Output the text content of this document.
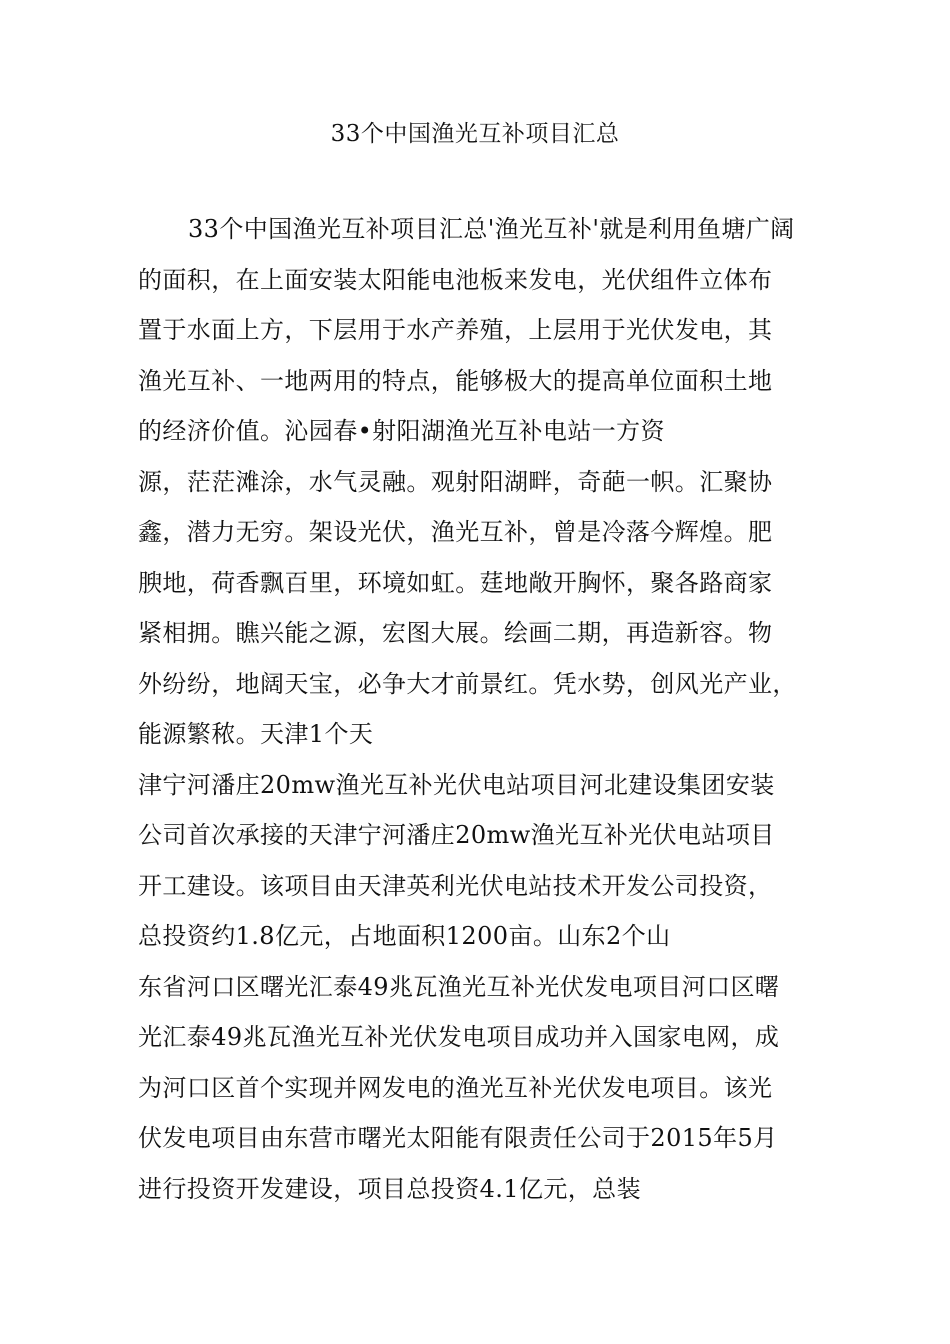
33个中国渔光互补项目汇总
33个中国渔光互补项目汇总'渔光互补'就是利用鱼塘广阔
的面积，在上面安装太阳能电池板来发电，光伏组件立体布
置于水面上方，下层用于水产养殖，上层用于光伏发电，其
渔光互补、一地两用的特点，能够极大的提高单位面积土地
的经济价值。沁园春•射阳湖渔光互补电站一方资
源，茫茫滩涂，水气灵融。观射阳湖畔，奇葩一帜。汇聚协
鑫，潜力无穷。架设光伏，渔光互补，曾是冷落今辉煌。肥
腴地，荷香飘百里，环境如虹。莛地敞开胸怀，聚各路商家
紧相拥。瞧兴能之源，宏图大展。绘画二期，再造新容。物
外纷纷，地阔天宝，必争大才前景红。凭水势，创风光产业，
能源繁秾。天津1个天
津宁河潘庄20mw渔光互补光伏电站项目河北建设集团安装
公司首次承接的天津宁河潘庄20mw渔光互补光伏电站项目
开工建设。该项目由天津英利光伏电站技术开发公司投资，
总投资约1.8亿元，占地面积1200亩。山东2个山
东省河口区曙光汇泰49兆瓦渔光互补光伏发电项目河口区曙
光汇泰49兆瓦渔光互补光伏发电项目成功并入国家电网，成
为河口区首个实现并网发电的渔光互补光伏发电项目。该光
伏发电项目由东营市曙光太阳能有限责任公司于2015年5月
进行投资开发建设，项目总投资4.1亿元，总装
